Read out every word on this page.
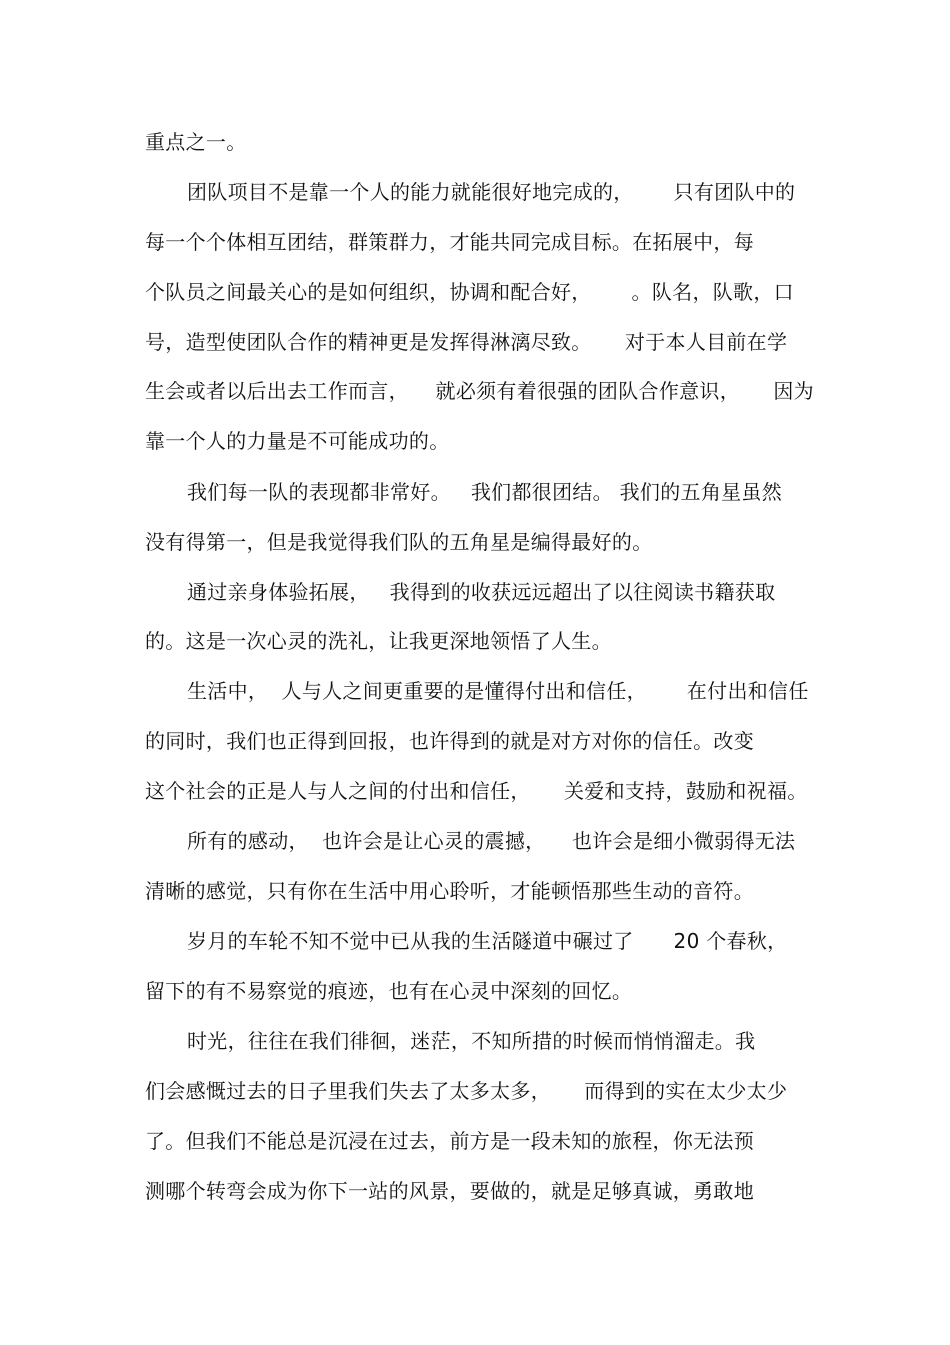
重点之一。
团队项目不是靠一个人的能力就能很好地完成的，      只有团队中的
每一个个体相互团结，群策群力，才能共同完成目标。在拓展中，每
个队员之间最关心的是如何组织，协调和配合好，      。队名，队歌，口
号，造型使团队合作的精神更是发挥得淋漓尽致。     对于本人目前在学
生会或者以后出去工作而言，    就必须有着很强的团队合作意识，     因为
靠一个人的力量是不可能成功的。
我们每一队的表现都非常好。   我们都很团结。 我们的五角星虽然
没有得第一，但是我觉得我们队的五角星是编得最好的。
通过亲身体验拓展，   我得到的收获远远超出了以往阅读书籍获取
的。这是一次心灵的洗礼，让我更深地领悟了人生。
生活中，  人与人之间更重要的是懂得付出和信任，      在付出和信任
的同时，我们也正得到回报，也许得到的就是对方对你的信任。改变
这个社会的正是人与人之间的付出和信任，     关爱和支持，鼓励和祝福。
所有的感动，  也许会是让心灵的震撼，    也许会是细小微弱得无法
清晰的感觉，只有你在生活中用心聆听，才能顿悟那些生动的音符。
岁月的车轮不知不觉中已从我的生活隧道中碾过了      20 个春秋，
留下的有不易察觉的痕迹，也有在心灵中深刻的回忆。
时光，往往在我们徘徊，迷茫，不知所措的时候而悄悄溜走。我
们会感慨过去的日子里我们失去了太多太多，     而得到的实在太少太少
了。但我们不能总是沉浸在过去，前方是一段未知的旅程，你无法预
测哪个转弯会成为你下一站的风景，要做的，就是足够真诚，勇敢地
